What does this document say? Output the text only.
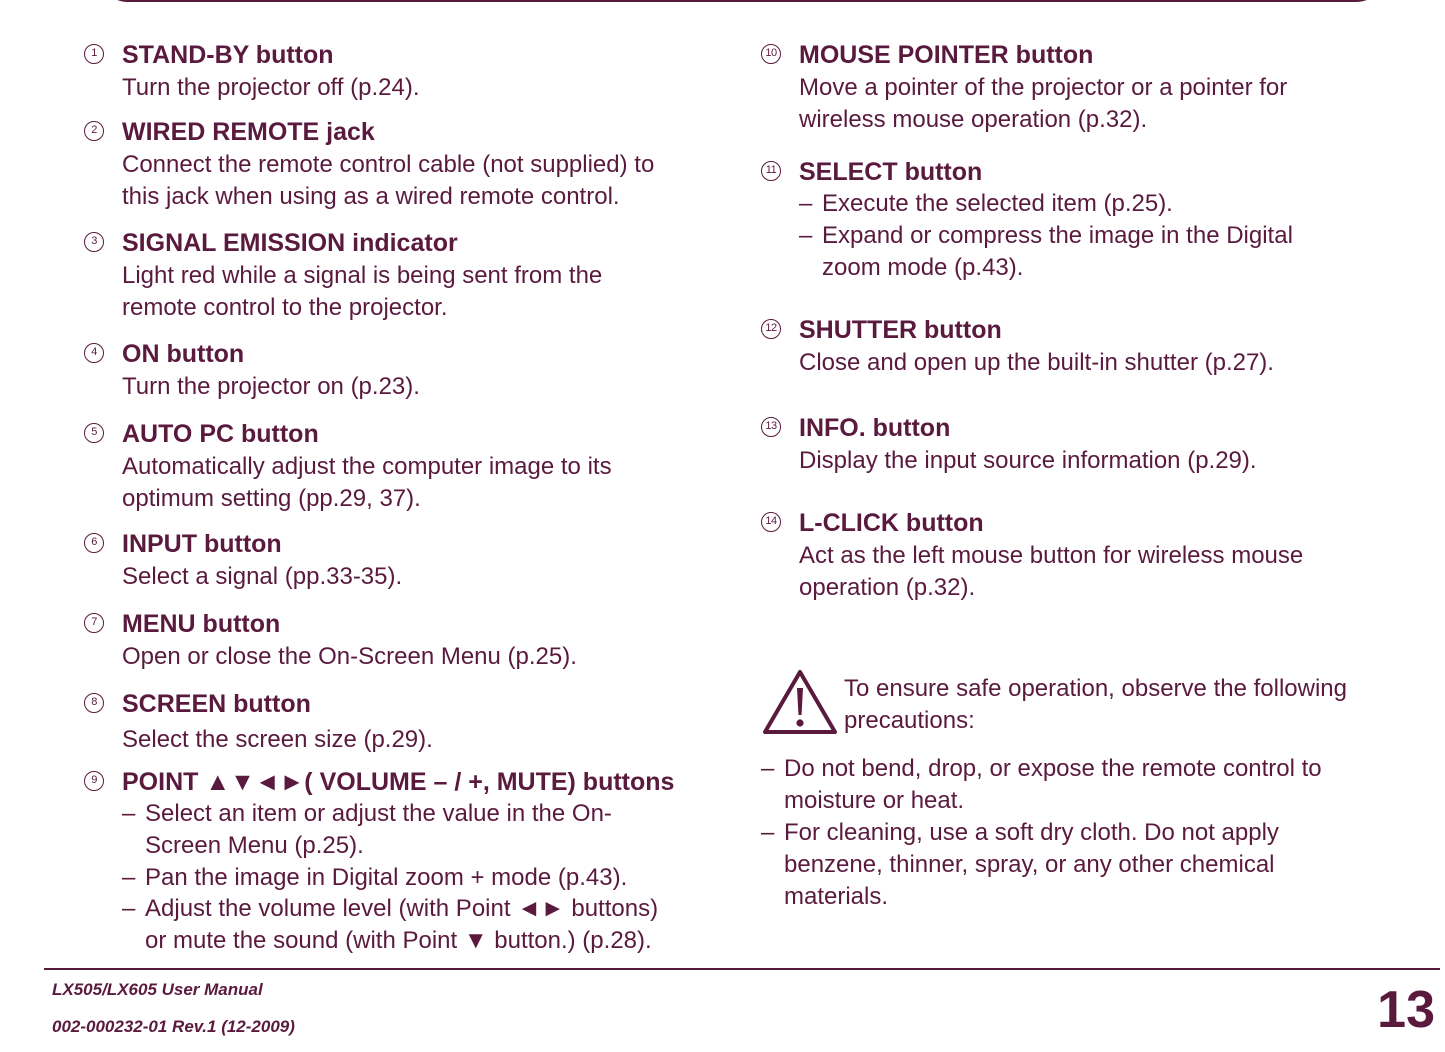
1 STAND-BY button
Turn the projector off (p.24).
2 WIRED REMOTE jack
Connect the remote control cable (not supplied) to
this jack when using as a wired remote control.
3 SIGNAL EMISSION indicator
Light red while a signal is being sent from the
remote control to the projector.
4 ON button
Turn the projector on (p.23).
5 AUTO PC button
Automatically adjust the computer image to its
optimum setting (pp.29, 37).
6 INPUT button
Select a signal (pp.33-35).
7 MENU button
Open or close the On-Screen Menu (p.25).
8 SCREEN button
Select the screen size (p.29).
9 POINT ▲▼◄►( VOLUME – / +, MUTE) buttons
– Select an item or adjust the value in the On-
Screen Menu (p.25).
– Pan the image in Digital zoom + mode (p.43).
– Adjust the volume level (with Point ◄► buttons)
or mute the sound (with Point ▼ button.) (p.28).
10 MOUSE POINTER button
Move a pointer of the projector or a pointer for
wireless mouse operation (p.32).
11 SELECT button
– Execute the selected item (p.25).
– Expand or compress the image in the Digital
zoom mode (p.43).
12 SHUTTER button
Close and open up the built-in shutter (p.27).
13 INFO. button
Display the input source information (p.29).
14 L-CLICK button
Act as the left mouse button for wireless mouse
operation (p.32).
To ensure safe operation, observe the following
precautions:
– Do not bend, drop, or expose the remote control to
moisture or heat.
– For cleaning, use a soft dry cloth. Do not apply
benzene, thinner, spray, or any other chemical
materials.
LX505/LX605 User Manual
002-000232-01 Rev.1 (12-2009)	13
